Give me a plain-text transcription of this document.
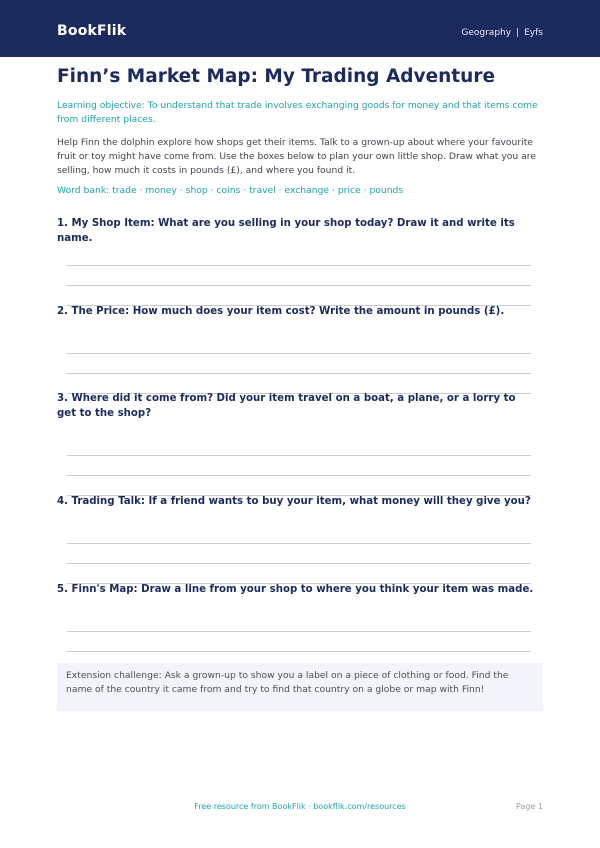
BookFlik	Geography | Eyfs
Finn’s Market Map: My Trading Adventure

Learning objective: To understand that trade involves exchanging goods for money and that items come from different places.

Help Finn the dolphin explore how shops get their items. Talk to a grown-up about where your favourite fruit or toy might have come from. Use the boxes below to plan your own little shop. Draw what you are selling, how much it costs in pounds (£), and where you found it.

Word bank: trade · money · shop · coins · travel · exchange · price · pounds

1. My Shop Item: What are you selling in your shop today? Draw it and write its name.

2. The Price: How much does your item cost? Write the amount in pounds (£).

3. Where did it come from? Did your item travel on a boat, a plane, or a lorry to get to the shop?

4. Trading Talk: If a friend wants to buy your item, what money will they give you?

5. Finn's Map: Draw a line from your shop to where you think your item was made.

Extension challenge: Ask a grown-up to show you a label on a piece of clothing or food. Find the name of the country it came from and try to find that country on a globe or map with Finn!
Free resource from BookFlik · bookflik.com/resources	Page 1
